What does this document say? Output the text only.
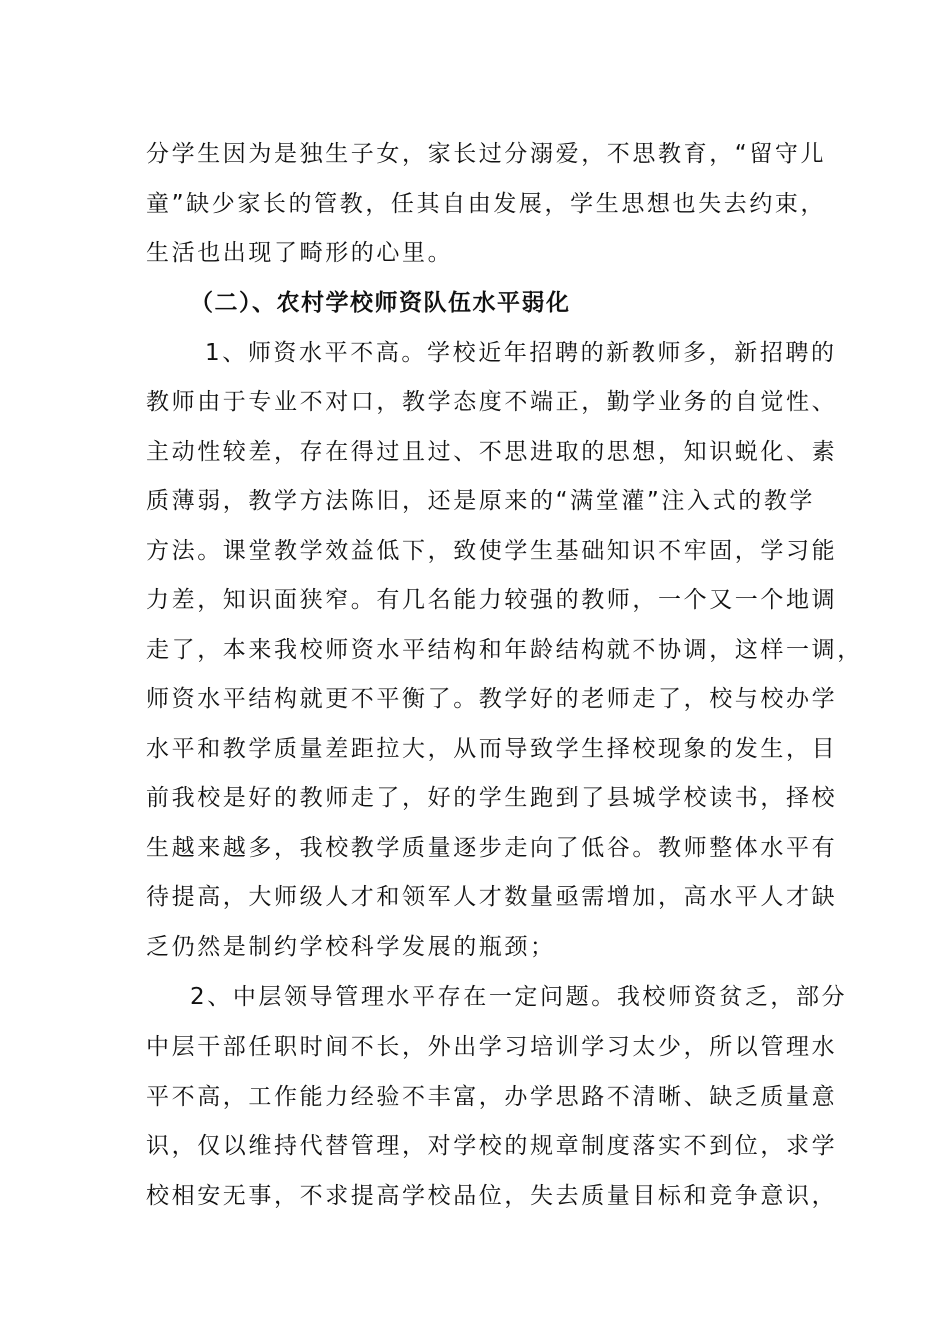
分学生因为是独生子女，家长过分溺爱，不思教育，“留守儿

童”缺少家长的管教，任其自由发展，学生思想也失去约束，

生活也出现了畸形的心里。

（二）、农村学校师资队伍水平弱化

1、师资水平不高。学校近年招聘的新教师多，新招聘的

教师由于专业不对口，教学态度不端正，勤学业务的自觉性、

主动性较差，存在得过且过、不思进取的思想，知识蜕化、素

质薄弱，教学方法陈旧，还是原来的“满堂灌”注入式的教学

方法。课堂教学效益低下，致使学生基础知识不牢固，学习能

力差，知识面狭窄。有几名能力较强的教师，一个又一个地调

走了，本来我校师资水平结构和年龄结构就不协调，这样一调，

师资水平结构就更不平衡了。教学好的老师走了，校与校办学

水平和教学质量差距拉大，从而导致学生择校现象的发生，目

前我校是好的教师走了，好的学生跑到了县城学校读书，择校

生越来越多，我校教学质量逐步走向了低谷。教师整体水平有

待提高，大师级人才和领军人才数量亟需增加，高水平人才缺

乏仍然是制约学校科学发展的瓶颈；

2、中层领导管理水平存在一定问题。我校师资贫乏，部分

中层干部任职时间不长，外出学习培训学习太少，所以管理水

平不高，工作能力经验不丰富，办学思路不清晰、缺乏质量意

识，仅以维持代替管理，对学校的规章制度落实不到位，求学

校相安无事，不求提高学校品位，失去质量目标和竞争意识，
